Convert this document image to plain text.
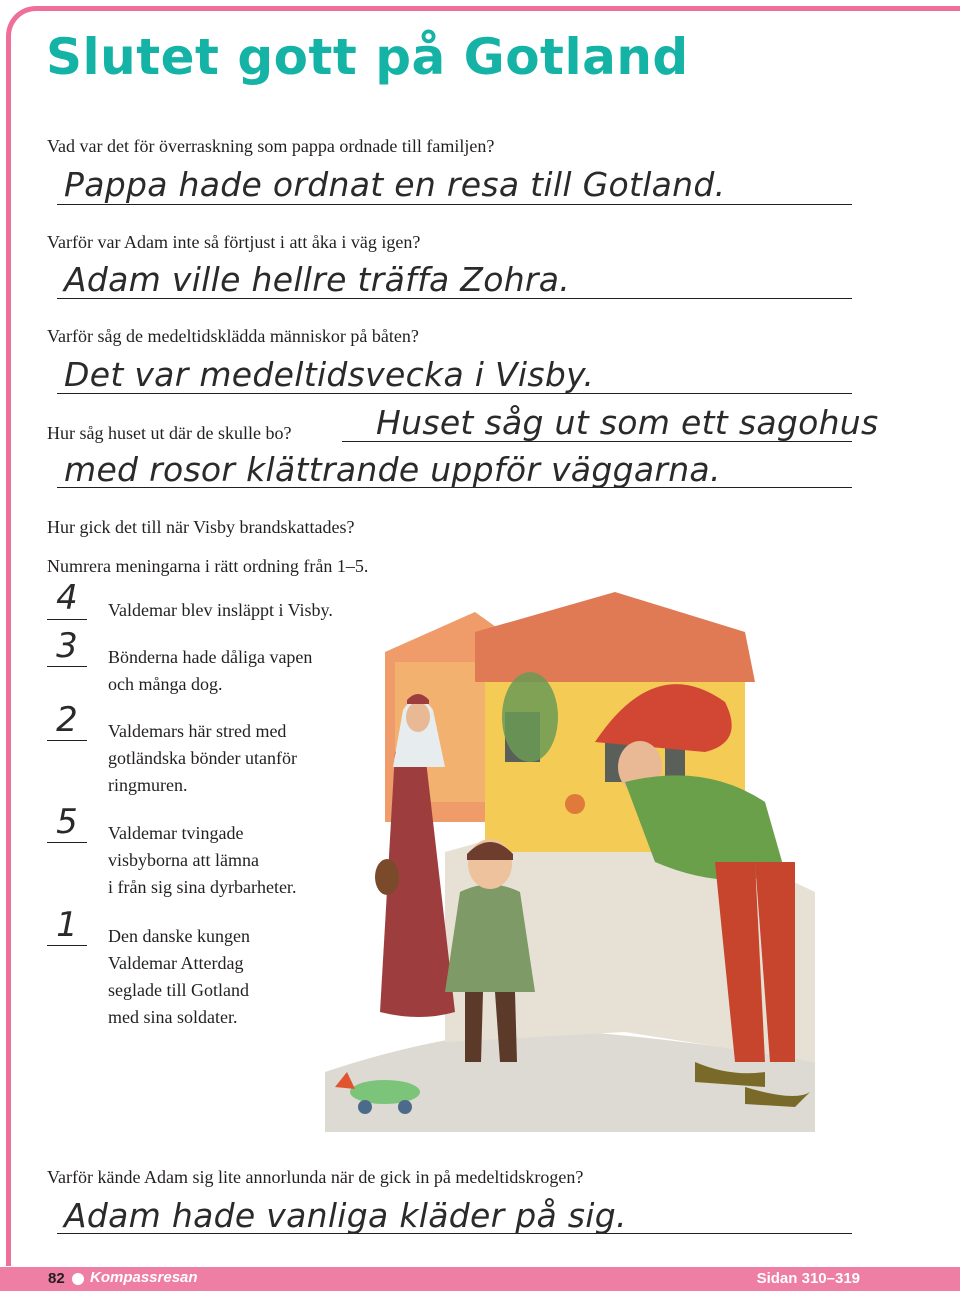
Slutet gott på Gotland
Vad var det för överraskning som pappa ordnade till familjen?
Pappa hade ordnat en resa till Gotland.
Varför var Adam inte så förtjust i att åka i väg igen?
Adam ville hellre träffa Zohra.
Varför såg de medeltidsklädda människor på båten?
Det var medeltidsvecka i Visby.
Hur såg huset ut där de skulle bo?	Huset såg ut som ett sagohus
med rosor klättrande uppför väggarna.
Hur gick det till när Visby brandskattades?
Numrera meningarna i rätt ordning från 1–5.
4	Valdemar blev insläppt i Visby.
3	Bönderna hade dåliga vapen
och många dog.
2	Valdemars här stred med
gotländska bönder utanför
ringmuren.
5	Valdemar tvingade
visbyborna att lämna
i från sig sina dyrbarheter.
1	Den danske kungen
Valdemar Atterdag
seglade till Gotland
med sina soldater.
Varför kände Adam sig lite annorlunda när de gick in på medeltidskrogen?
Adam hade vanliga kläder på sig.
82 Kompassresan	Sidan 310–319
